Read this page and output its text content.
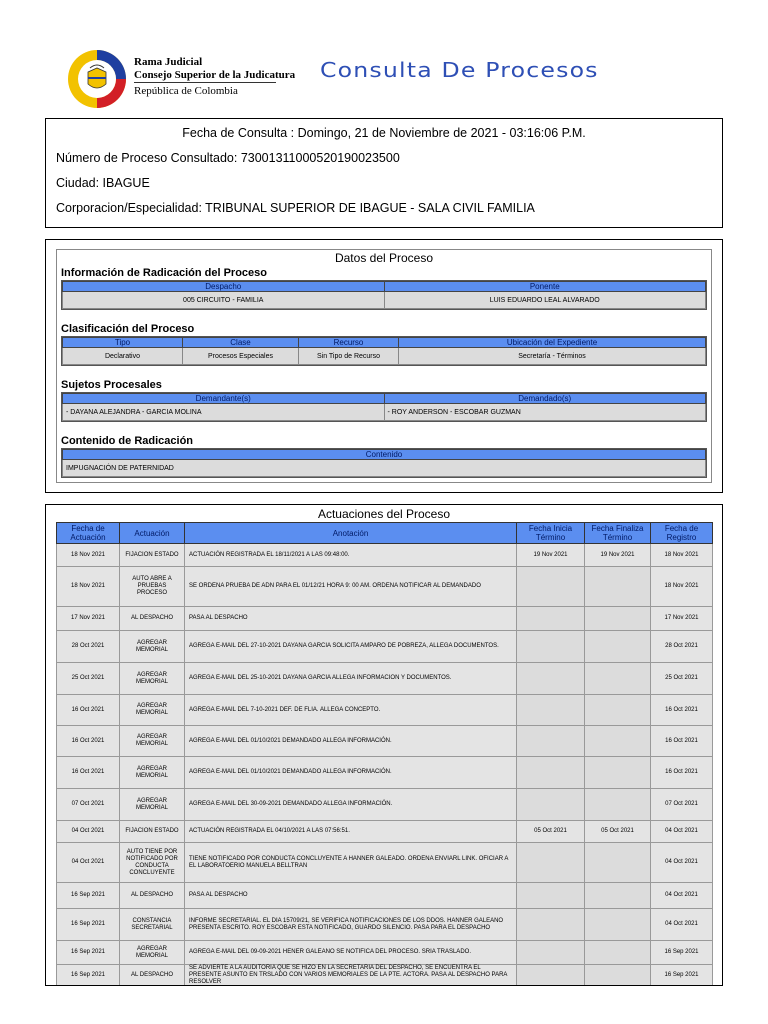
Rama Judicial
Consejo Superior de la Judicatura
República de Colombia
Consulta De Procesos
Fecha de Consulta : Domingo, 21 de Noviembre de 2021 - 03:16:06 P.M.
Número de Proceso Consultado: 73001311000520190023500
Ciudad: IBAGUE
Corporacion/Especialidad: TRIBUNAL SUPERIOR DE IBAGUE - SALA CIVIL FAMILIA
Datos del Proceso
Información de Radicación del Proceso
Despacho	Ponente
005 CIRCUITO - FAMILIA	LUIS EDUARDO LEAL ALVARADO
Clasificación del Proceso
Tipo	Clase	Recurso	Ubicación del Expediente
Declarativo	Procesos Especiales	Sin Tipo de Recurso	Secretaría - Términos
Sujetos Procesales
Demandante(s)	Demandado(s)
- DAYANA ALEJANDRA - GARCIA MOLINA	- ROY ANDERSON - ESCOBAR GUZMAN
Contenido de Radicación
Contenido
IMPUGNACIÓN DE PATERNIDAD
Actuaciones del Proceso
Fecha de Actuación	Actuación	Anotación	Fecha Inicia Término	Fecha Finaliza Término	Fecha de Registro
18 Nov 2021	FIJACION ESTADO	ACTUACIÓN REGISTRADA EL 18/11/2021 A LAS 09:48:00.	19 Nov 2021	19 Nov 2021	18 Nov 2021
18 Nov 2021	AUTO ABRE A PRUEBAS PROCESO	SE ORDENA PRUEBA DE ADN PARA EL 01/12/21 HORA 9: 00 AM. ORDENA NOTIFICAR AL DEMANDADO			18 Nov 2021
17 Nov 2021	AL DESPACHO	PASA AL DESPACHO			17 Nov 2021
28 Oct 2021	AGREGAR MEMORIAL	AGREGA E-MAIL DEL 27-10-2021 DAYANA GARCIA SOLICITA AMPARO DE POBREZA, ALLEGA DOCUMENTOS.			28 Oct 2021
25 Oct 2021	AGREGAR MEMORIAL	AGREGA E-MAIL DEL 25-10-2021 DAYANA GARCIA ALLEGA INFORMACION Y DOCUMENTOS.			25 Oct 2021
16 Oct 2021	AGREGAR MEMORIAL	AGREGA E-MAIL DEL 7-10-2021 DEF. DE FLIA. ALLEGA CONCEPTO.			16 Oct 2021
16 Oct 2021	AGREGAR MEMORIAL	AGREGA E-MAIL DEL 01/10/2021 DEMANDADO ALLEGA INFORMACIÓN.			16 Oct 2021
16 Oct 2021	AGREGAR MEMORIAL	AGREGA E-MAIL DEL 01/10/2021 DEMANDADO ALLEGA INFORMACIÓN.			16 Oct 2021
07 Oct 2021	AGREGAR MEMORIAL	AGREGA E-MAIL DEL 30-09-2021 DEMANDADO ALLEGA INFORMACIÓN.			07 Oct 2021
04 Oct 2021	FIJACION ESTADO	ACTUACIÓN REGISTRADA EL 04/10/2021 A LAS 07:56:51.	05 Oct 2021	05 Oct 2021	04 Oct 2021
04 Oct 2021	AUTO TIENE POR NOTIFICADO POR CONDUCTA CONCLUYENTE	TIENE NOTIFICADO POR CONDUCTA CONCLUYENTE A HANNER GALEADO. ORDENA ENVIARL LINK. OFICIAR A EL LABORATOERIO MANUELA BELLTRAN			04 Oct 2021
16 Sep 2021	AL DESPACHO	PASA AL DESPACHO			04 Oct 2021
16 Sep 2021	CONSTANCIA SECRETARIAL	INFORME SECRETARIAL. EL DIA 15709/21, SE VERIFICA NOTIFICACIONES DE LOS DDOS. HANNER GALEANO PRESENTA ESCRITO. ROY ESCOBAR ESTA NOTIFICADO, GUARDO SILENCIO. PASA PARA EL DESPACHO			04 Oct 2021
16 Sep 2021	AGREGAR MEMORIAL	AGREGA E-MAIL DEL 09-09-2021 HENER GALEANO SE NOTIFICA DEL PROCESO. SRIA TRASLADO.			16 Sep 2021
16 Sep 2021	AL DESPACHO	SE ADVIERTE A LA AUDITORIA QUE SE HIZO EN LA SECRETARIA DEL DESPACHO, SE ENCUENTRA EL PRESENTE ASUNTO EN TRSLADO CON VARIOS MEMORIALES DE LA PTE. ACTORA. PASA AL DESPACHO PARA RESOLVER			16 Sep 2021
